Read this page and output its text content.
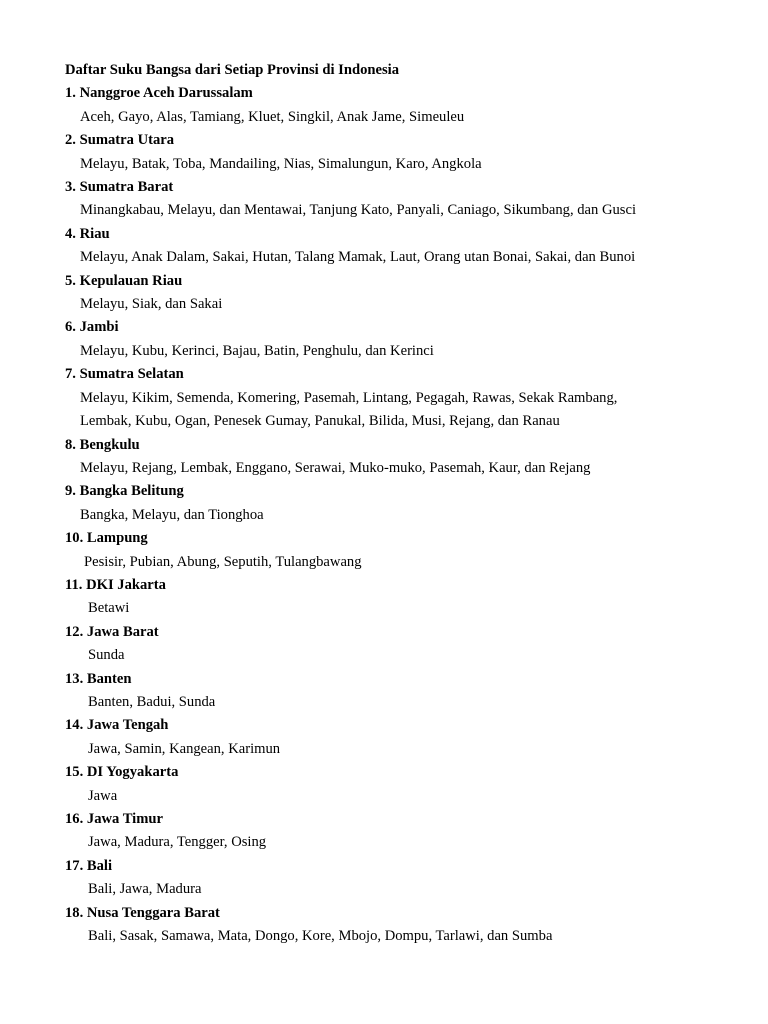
Daftar Suku Bangsa dari Setiap Provinsi di Indonesia
1. Nanggroe Aceh Darussalam
Aceh, Gayo, Alas, Tamiang, Kluet, Singkil, Anak Jame, Simeuleu
2. Sumatra Utara
Melayu, Batak, Toba, Mandailing, Nias, Simalungun, Karo, Angkola
3. Sumatra Barat
Minangkabau, Melayu, dan Mentawai, Tanjung Kato, Panyali, Caniago, Sikumbang, dan Gusci
4. Riau
Melayu, Anak Dalam, Sakai, Hutan, Talang Mamak, Laut, Orang utan Bonai, Sakai, dan Bunoi
5. Kepulauan Riau
Melayu, Siak, dan Sakai
6. Jambi
Melayu, Kubu, Kerinci, Bajau, Batin, Penghulu, dan Kerinci
7. Sumatra Selatan
Melayu, Kikim, Semenda, Komering, Pasemah, Lintang, Pegagah, Rawas, Sekak Rambang,
Lembak, Kubu, Ogan, Penesek Gumay, Panukal, Bilida, Musi, Rejang, dan Ranau
8. Bengkulu
Melayu, Rejang, Lembak, Enggano, Serawai, Muko-muko, Pasemah, Kaur, dan Rejang
9. Bangka Belitung
Bangka, Melayu, dan Tionghoa
10. Lampung
Pesisir, Pubian, Abung, Seputih, Tulangbawang
11. DKI Jakarta
Betawi
12. Jawa Barat
Sunda
13. Banten
Banten, Badui, Sunda
14. Jawa Tengah
Jawa, Samin, Kangean, Karimun
15. DI Yogyakarta
Jawa
16. Jawa Timur
Jawa, Madura, Tengger, Osing
17. Bali
Bali, Jawa, Madura
18. Nusa Tenggara Barat
Bali, Sasak, Samawa, Mata, Dongo, Kore, Mbojo, Dompu, Tarlawi, dan Sumba
